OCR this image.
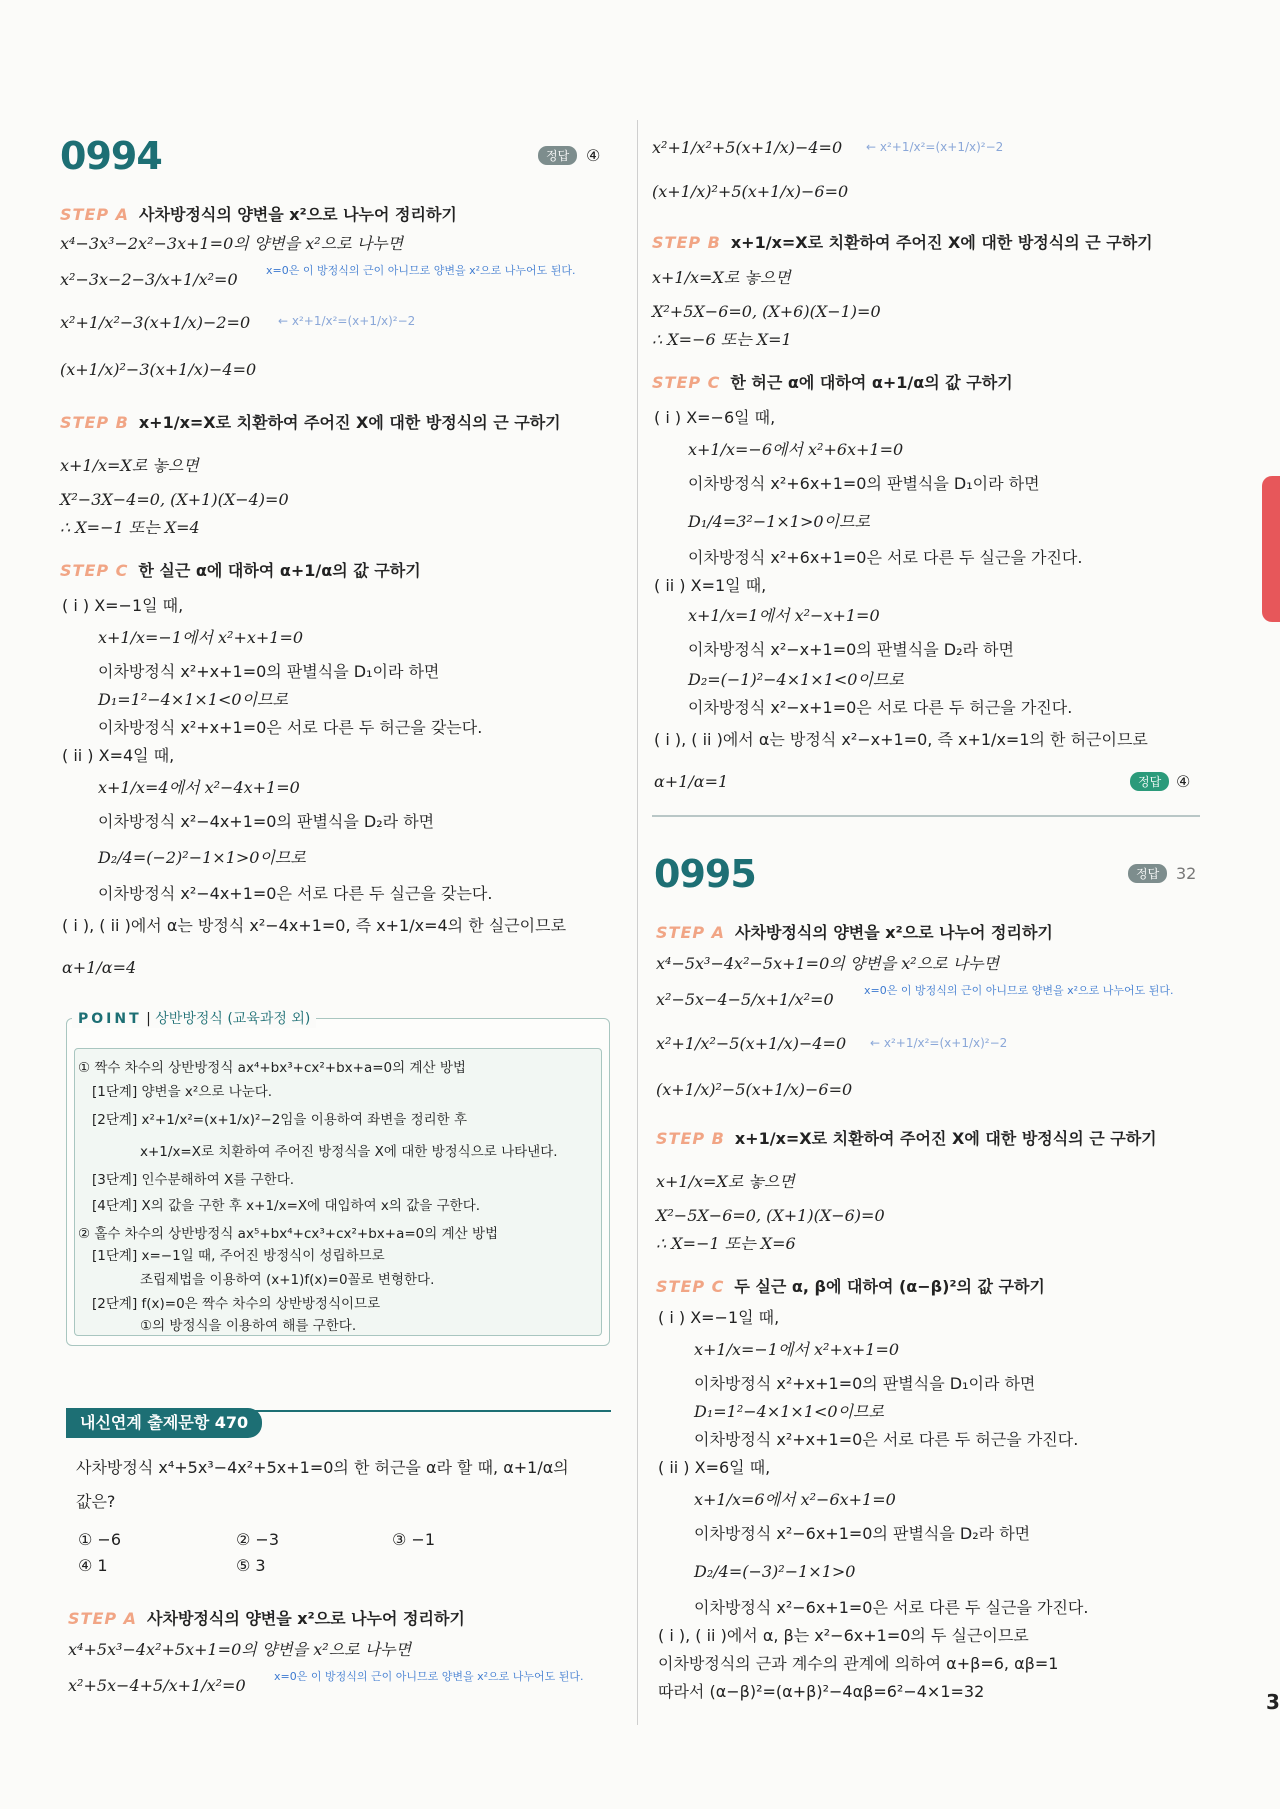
0994	정답	④
STEP A 사차방정식의 양변을 x²으로 나누어 정리하기
x⁴−3x³−2x²−3x+1=0의 양변을 x²으로 나누면
x²−3x−2−3/x+1/x²=0	x=0은 이 방정식의 근이 아니므로 양변을 x²으로 나누어도 된다.
x²+1/x²−3(x+1/x)−2=0 ← x²+1/x²=(x+1/x)²−2
(x+1/x)²−3(x+1/x)−4=0
STEP B x+1/x=X로 치환하여 주어진 X에 대한 방정식의 근 구하기
x+1/x=X로 놓으면
X²−3X−4=0, (X+1)(X−4)=0
∴ X=−1 또는 X=4
STEP C 한 실근 α에 대하여 α+1/α의 값 구하기
( i ) X=−1일 때,
x+1/x=−1에서 x²+x+1=0
이차방정식 x²+x+1=0의 판별식을 D₁이라 하면
D₁=1²−4×1×1<0이므로
이차방정식 x²+x+1=0은 서로 다른 두 허근을 갖는다.
( ii ) X=4일 때,
x+1/x=4에서 x²−4x+1=0
이차방정식 x²−4x+1=0의 판별식을 D₂라 하면
D₂/4=(−2)²−1×1>0이므로
이차방정식 x²−4x+1=0은 서로 다른 두 실근을 갖는다.
( i ), ( ii )에서 α는 방정식 x²−4x+1=0, 즉 x+1/x=4의 한 실근이므로
α+1/α=4
POINT | 상반방정식 (교육과정 외)
① 짝수 차수의 상반방정식 ax⁴+bx³+cx²+bx+a=0의 계산 방법
[1단계] 양변을 x²으로 나눈다.
[2단계] x²+1/x²=(x+1/x)²−2임을 이용하여 좌변을 정리한 후
x+1/x=X로 치환하여 주어진 방정식을 X에 대한 방정식으로 나타낸다.
[3단계] 인수분해하여 X를 구한다.
[4단계] X의 값을 구한 후 x+1/x=X에 대입하여 x의 값을 구한다.
② 홀수 차수의 상반방정식 ax⁵+bx⁴+cx³+cx²+bx+a=0의 계산 방법
[1단계] x=−1일 때, 주어진 방정식이 성립하므로
조립제법을 이용하여 (x+1)f(x)=0꼴로 변형한다.
[2단계] f(x)=0은 짝수 차수의 상반방정식이므로
①의 방정식을 이용하여 해를 구한다.
내신연계 출제문항 470
사차방정식 x⁴+5x³−4x²+5x+1=0의 한 허근을 α라 할 때, α+1/α의
값은?
① −6	② −3	③ −1
④ 1	⑤ 3
STEP A 사차방정식의 양변을 x²으로 나누어 정리하기
x⁴+5x³−4x²+5x+1=0의 양변을 x²으로 나누면
x²+5x−4+5/x+1/x²=0	x=0은 이 방정식의 근이 아니므로 양변을 x²으로 나누어도 된다.
x²+1/x²+5(x+1/x)−4=0 ← x²+1/x²=(x+1/x)²−2
(x+1/x)²+5(x+1/x)−6=0
STEP B x+1/x=X로 치환하여 주어진 X에 대한 방정식의 근 구하기
x+1/x=X로 놓으면
X²+5X−6=0, (X+6)(X−1)=0
∴ X=−6 또는 X=1
STEP C 한 허근 α에 대하여 α+1/α의 값 구하기
( i ) X=−6일 때,
x+1/x=−6에서 x²+6x+1=0
이차방정식 x²+6x+1=0의 판별식을 D₁이라 하면
D₁/4=3²−1×1>0이므로
이차방정식 x²+6x+1=0은 서로 다른 두 실근을 가진다.
( ii ) X=1일 때,
x+1/x=1에서 x²−x+1=0
이차방정식 x²−x+1=0의 판별식을 D₂라 하면
D₂=(−1)²−4×1×1<0이므로
이차방정식 x²−x+1=0은 서로 다른 두 허근을 가진다.
( i ), ( ii )에서 α는 방정식 x²−x+1=0, 즉 x+1/x=1의 한 허근이므로
α+1/α=1	정답 ④
0995	정답	32
STEP A 사차방정식의 양변을 x²으로 나누어 정리하기
x⁴−5x³−4x²−5x+1=0의 양변을 x²으로 나누면
x²−5x−4−5/x+1/x²=0	x=0은 이 방정식의 근이 아니므로 양변을 x²으로 나누어도 된다.
x²+1/x²−5(x+1/x)−4=0 ← x²+1/x²=(x+1/x)²−2
(x+1/x)²−5(x+1/x)−6=0
STEP B x+1/x=X로 치환하여 주어진 X에 대한 방정식의 근 구하기
x+1/x=X로 놓으면
X²−5X−6=0, (X+1)(X−6)=0
∴ X=−1 또는 X=6
STEP C 두 실근 α, β에 대하여 (α−β)²의 값 구하기
( i ) X=−1일 때,
x+1/x=−1에서 x²+x+1=0
이차방정식 x²+x+1=0의 판별식을 D₁이라 하면
D₁=1²−4×1×1<0이므로
이차방정식 x²+x+1=0은 서로 다른 두 허근을 가진다.
( ii ) X=6일 때,
x+1/x=6에서 x²−6x+1=0
이차방정식 x²−6x+1=0의 판별식을 D₂라 하면
D₂/4=(−3)²−1×1>0
이차방정식 x²−6x+1=0은 서로 다른 두 실근을 가진다.
( i ), ( ii )에서 α, β는 x²−6x+1=0의 두 실근이므로
이차방정식의 근과 계수의 관계에 의하여 α+β=6, αβ=1
따라서 (α−β)²=(α+β)²−4αβ=6²−4×1=32	3
